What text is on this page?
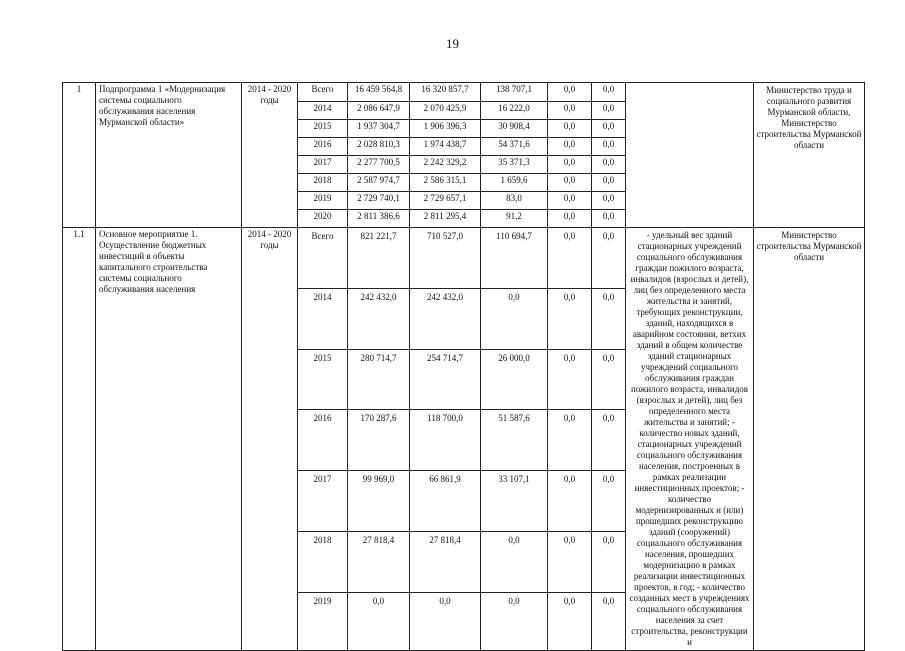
19
1	Подпрограмма 1 «Модернизация системы социального обслуживания населения Мурманской области»	2014 - 2020 годы	Всего	16 459 564,8	16 320 857,7	138 707,1	0,0	0,0		Министерство труда и социального развития Мурманской области, Министерство строительства Мурманской области
			2014	2 086 647,9	2 070 425,9	16 222,0	0,0	0,0		
			2015	1 937 304,7	1 906 396,3	30 908,4	0,0	0,0		
			2016	2 028 810,3	1 974 438,7	54 371,6	0,0	0,0		
			2017	2 277 700,5	2 242 329,2	35 371,3	0,0	0,0		
			2018	2 587 974,7	2 586 315,1	1 659,6	0,0	0,0		
			2019	2 729 740,1	2 729 657,1	83,0	0,0	0,0		
			2020	2 811 386,6	2 811 295,4	91,2	0,0	0,0		
1.1	Основное мероприятие 1. Осуществление бюджетных инвестиций в объекты капитального строительства системы социального обслуживания населения	2014 - 2020 годы	Всего	821 221,7	710 527,0	110 694,7	0,0	0,0	- удельный вес зданий стационарных учреждений социального обслуживания граждан пожилого возраста, инвалидов (взрослых и детей), лиц без определенного места жительства и занятий, требующих реконструкции, зданий, находящихся в аварийном состоянии, ветхих зданий в общем количестве зданий стационарных учреждений социального обслуживания граждан пожилого возраста, инвалидов (взрослых и детей), лиц без определенного места жительства и занятий; - количество новых зданий, стационарных учреждений социального обслуживания населения, построенных в рамках реализации инвестиционных проектов; - количество модернизированных и (или) прошедших реконструкцию зданий (сооружений) социального обслуживания населения, прошедших модернизацию в рамках реализации инвестиционных проектов, в год; - количество созданных мест в учреждениях социального обслуживания населения за счет строительства, реконструкции и	Министерство строительства Мурманской области
			2014	242 432,0	242 432,0	0,0	0,0	0,0		
			2015	280 714,7	254 714,7	26 000,0	0,0	0,0		
			2016	170 287,6	118 700,0	51 587,6	0,0	0,0		
			2017	99 969,0	66 861,9	33 107,1	0,0	0,0		
			2018	27 818,4	27 818,4	0,0	0,0	0,0		
			2019	0,0	0,0	0,0	0,0	0,0		
